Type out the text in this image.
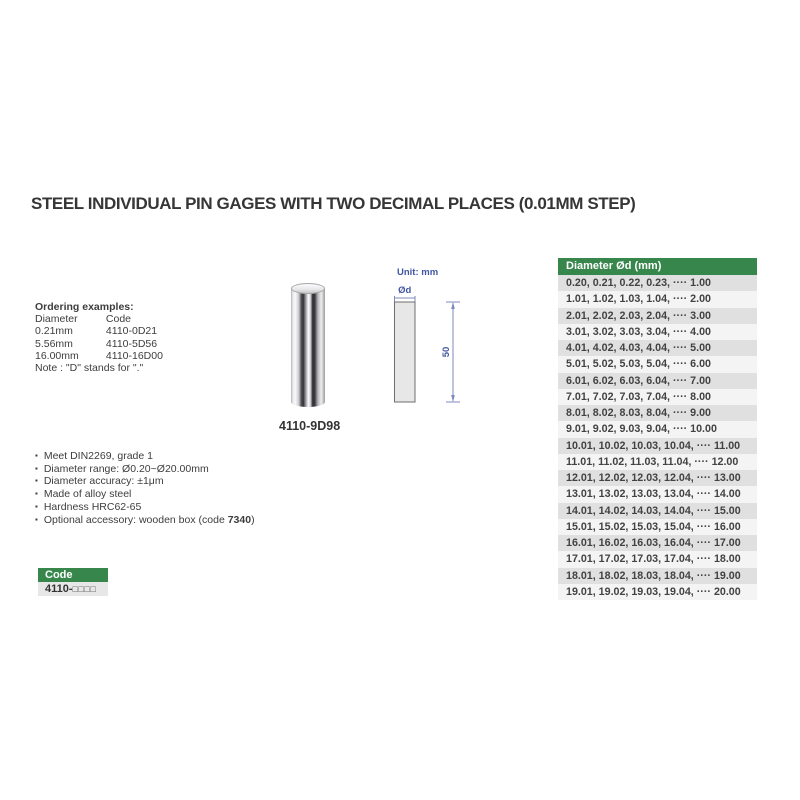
STEEL INDIVIDUAL PIN GAGES WITH TWO DECIMAL PLACES (0.01MM STEP)
Ordering examples:
Diameter	Code
0.21mm	4110-0D21
5.56mm	4110-5D56
16.00mm	4110-16D00
Note : "D" stands for "."
4110-9D98
Unit: mm
Ød
50
▪ Meet DIN2269, grade 1
▪ Diameter range: Ø0.20~Ø20.00mm
▪ Diameter accuracy: ±1μm
▪ Made of alloy steel
▪ Hardness HRC62-65
▪ Optional accessory: wooden box (code 7340)
Code
4110-□□□□
Diameter Ød (mm)
0.20, 0.21, 0.22, 0.23, ···· 1.00
1.01, 1.02, 1.03, 1.04, ···· 2.00
2.01, 2.02, 2.03, 2.04, ···· 3.00
3.01, 3.02, 3.03, 3.04, ···· 4.00
4.01, 4.02, 4.03, 4.04, ···· 5.00
5.01, 5.02, 5.03, 5.04, ···· 6.00
6.01, 6.02, 6.03, 6.04, ···· 7.00
7.01, 7.02, 7.03, 7.04, ···· 8.00
8.01, 8.02, 8.03, 8.04, ···· 9.00
9.01, 9.02, 9.03, 9.04, ···· 10.00
10.01, 10.02, 10.03, 10.04, ···· 11.00
11.01, 11.02, 11.03, 11.04, ···· 12.00
12.01, 12.02, 12.03, 12.04, ···· 13.00
13.01, 13.02, 13.03, 13.04, ···· 14.00
14.01, 14.02, 14.03, 14.04, ···· 15.00
15.01, 15.02, 15.03, 15.04, ···· 16.00
16.01, 16.02, 16.03, 16.04, ···· 17.00
17.01, 17.02, 17.03, 17.04, ···· 18.00
18.01, 18.02, 18.03, 18.04, ···· 19.00
19.01, 19.02, 19.03, 19.04, ···· 20.00
